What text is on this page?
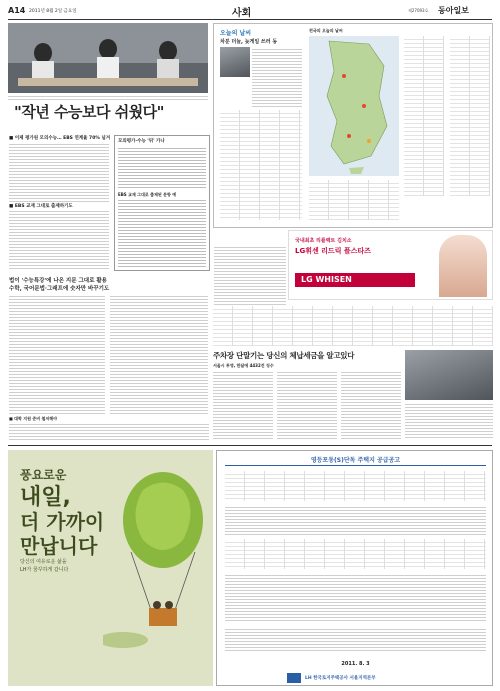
A14 2011년 8월 2일 금요일	사회	제27093호 동아일보
"작년 수능보다 쉬웠다"
■ 이제 평가원 모의수능… EBS 연계율 70% 넘겨
■ EBS 교재 그대로 출제하기도
모의평가·수능 '뒤' 가나
EBS 교재 그대로 출제된 문항 예
법이 '수능특강'에 나온 지문 그대로 활용
수학, 국어문법·그래프에 숫자만 바꾸기도
■ 대학 지원 준비 철저해야
오늘의 날씨
차분 더늘, 늦게일 쓰러 동
전국의 오늘의 날씨
국내최초 리플렉트 김치소
LG휘센 리드릭 플스타즈
LG WHISEN
주차장 단말기는 당신의 체납세금을 알고있다
서울시 투영, 한달에 4432건 징수
풍요로운
내일,
더 가까이
만납니다
당신의 여유로운 삶을
LH가 꿈꾸하게 갑니다
영등포동(S)단독 주택지 공급공고
2011. 8. 3
LH 한국토지주택공사 서울지역본부
